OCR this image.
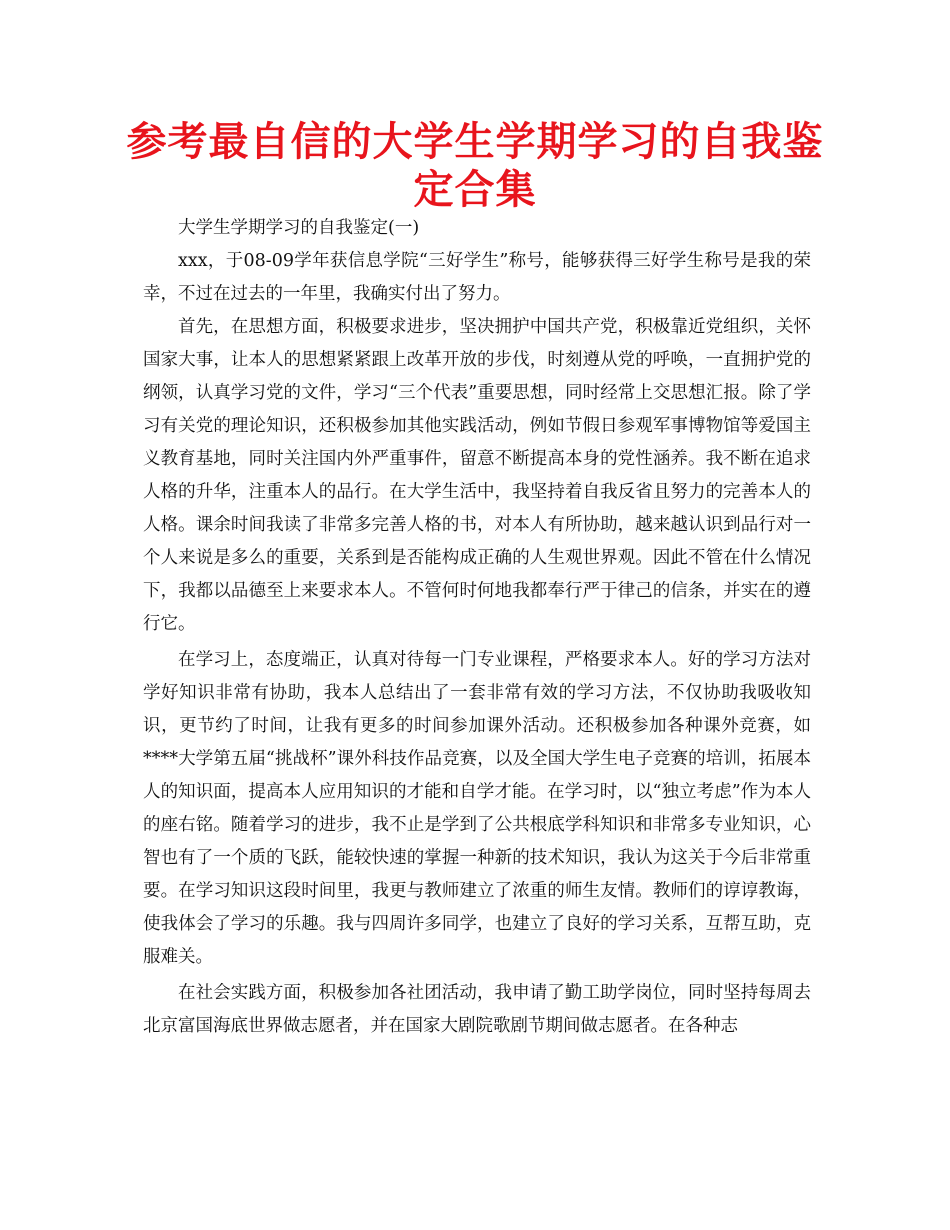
参考最自信的大学生学期学习的自我鉴定合集

大学生学期学习的自我鉴定(一)

xxx，于08-09学年获信息学院“三好学生”称号，能够获得三好学生称号是我的荣幸，不过在过去的一年里，我确实付出了努力。

首先，在思想方面，积极要求进步，坚决拥护中国共产党，积极靠近党组织，关怀国家大事，让本人的思想紧紧跟上改革开放的步伐，时刻遵从党的呼唤，一直拥护党的纲领，认真学习党的文件，学习“三个代表”重要思想，同时经常上交思想汇报。除了学习有关党的理论知识，还积极参加其他实践活动，例如节假日参观军事博物馆等爱国主义教育基地，同时关注国内外严重事件，留意不断提高本身的党性涵养。我不断在追求人格的升华，注重本人的品行。在大学生活中，我坚持着自我反省且努力的完善本人的人格。课余时间我读了非常多完善人格的书，对本人有所协助，越来越认识到品行对一个人来说是多么的重要，关系到是否能构成正确的人生观世界观。因此不管在什么情况下，我都以品德至上来要求本人。不管何时何地我都奉行严于律己的信条，并实在的遵行它。

在学习上，态度端正，认真对待每一门专业课程，严格要求本人。好的学习方法对学好知识非常有协助，我本人总结出了一套非常有效的学习方法，不仅协助我吸收知识，更节约了时间，让我有更多的时间参加课外活动。还积极参加各种课外竞赛，如****大学第五届“挑战杯”课外科技作品竞赛，以及全国大学生电子竞赛的培训，拓展本人的知识面，提高本人应用知识的才能和自学才能。在学习时，以“独立考虑”作为本人的座右铭。随着学习的进步，我不止是学到了公共根底学科知识和非常多专业知识，心智也有了一个质的飞跃，能较快速的掌握一种新的技术知识，我认为这关于今后非常重要。在学习知识这段时间里，我更与教师建立了浓重的师生友情。教师们的谆谆教诲，使我体会了学习的乐趣。我与四周许多同学，也建立了良好的学习关系，互帮互助，克服难关。

在社会实践方面，积极参加各社团活动，我申请了勤工助学岗位，同时坚持每周去北京富国海底世界做志愿者，并在国家大剧院歌剧节期间做志愿者。在各种志
